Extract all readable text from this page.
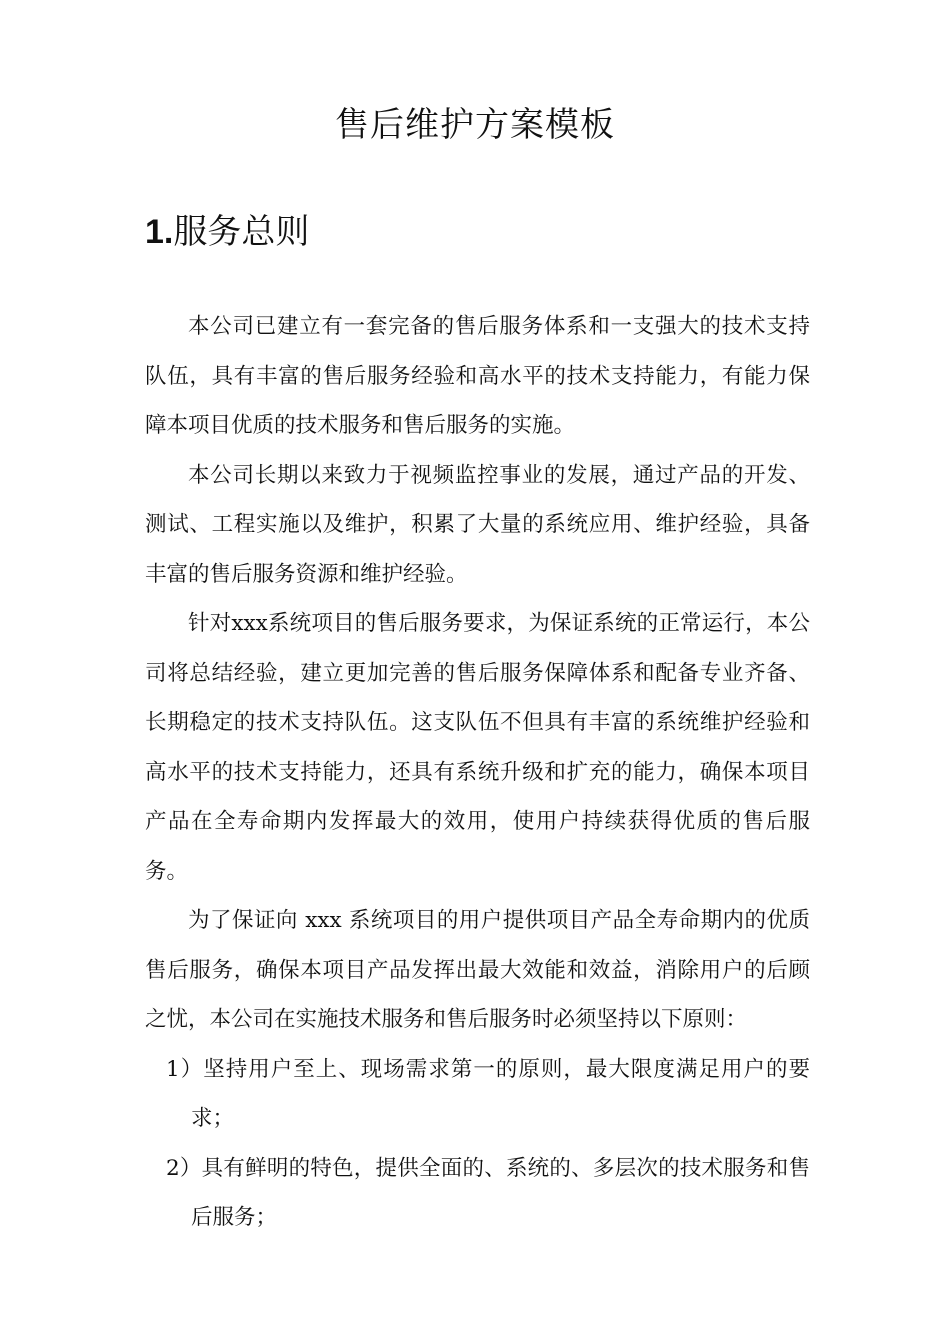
售后维护方案模板
1.服务总则

本公司已建立有一套完备的售后服务体系和一支强大的技术支持队伍，具有丰富的售后服务经验和高水平的技术支持能力，有能力保障本项目优质的技术服务和售后服务的实施。

本公司长期以来致力于视频监控事业的发展，通过产品的开发、测试、工程实施以及维护，积累了大量的系统应用、维护经验，具备丰富的售后服务资源和维护经验。

针对xxx系统项目的售后服务要求，为保证系统的正常运行，本公司将总结经验，建立更加完善的售后服务保障体系和配备专业齐备、长期稳定的技术支持队伍。这支队伍不但具有丰富的系统维护经验和高水平的技术支持能力，还具有系统升级和扩充的能力，确保本项目产品在全寿命期内发挥最大的效用，使用户持续获得优质的售后服务。

为了保证向 xxx 系统项目的用户提供项目产品全寿命期内的优质售后服务，确保本项目产品发挥出最大效能和效益，消除用户的后顾之忧，本公司在实施技术服务和售后服务时必须坚持以下原则：

1）坚持用户至上、现场需求第一的原则，最大限度满足用户的要求；

2）具有鲜明的特色，提供全面的、系统的、多层次的技术服务和售后服务；
